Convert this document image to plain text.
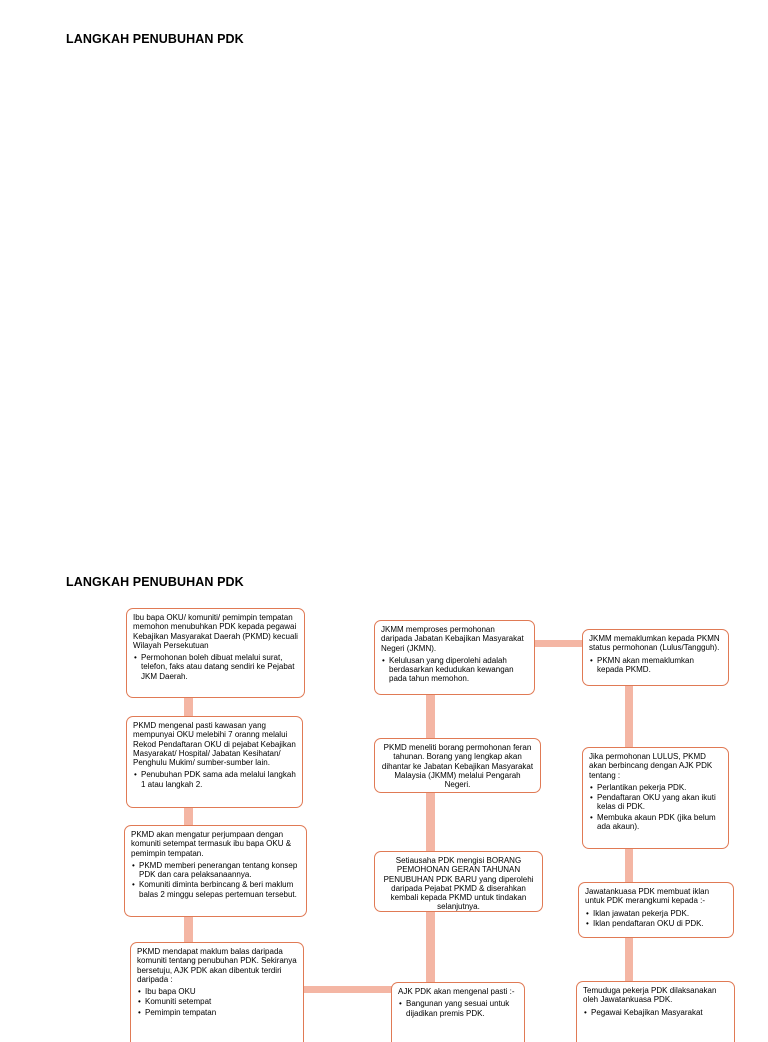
LANGKAH PENUBUHAN PDK
LANGKAH PENUBUHAN PDK

Ibu bapa OKU/ komuniti/ pemimpin tempatan memohon menubuhkan PDK kepada pegawai Kebajikan Masyarakat Daerah (PKMD) kecuali Wilayah Persekutuan

• Permohonan boleh dibuat melalui surat, telefon, faks atau datang sendiri ke Pejabat JKM Daerah.

PKMD mengenal pasti kawasan yang mempunyai OKU melebihi 7 oranng melalui Rekod Pendaftaran OKU di pejabat Kebajikan Masyarakat/ Hospital/ Jabatan Kesihatan/ Penghulu Mukim/ sumber-sumber lain.

• Penubuhan PDK sama ada melalui langkah 1 atau langkah 2.

PKMD akan mengatur perjumpaan dengan komuniti setempat termasuk ibu bapa OKU & pemimpin tempatan.

• PKMD memberi penerangan tentang konsep PDK dan cara pelaksanaannya.
• Komuniti diminta berbincang & beri maklum balas 2 minggu selepas pertemuan tersebut.

PKMD mendapat maklum balas daripada komuniti tentang penubuhan PDK. Sekiranya bersetuju, AJK PDK akan dibentuk terdiri daripada :

• Ibu bapa OKU
• Komuniti setempat
• Pemimpin tempatan

JKMM memproses permohonan daripada Jabatan Kebajikan Masyarakat Negeri (JKMN).

• Kelulusan yang diperolehi adalah berdasarkan kedudukan kewangan pada tahun memohon.

PKMD meneliti borang permohonan feran tahunan. Borang yang lengkap akan dihantar ke Jabatan Kebajikan Masyarakat Malaysia (JKMM) melalui Pengarah Negeri.

Setiausaha PDK mengisi BORANG PEMOHONAN GERAN TAHUNAN PENUBUHAN PDK BARU yang diperolehi daripada Pejabat PKMD & diserahkan kembali kepada PKMD untuk tindakan selanjutnya.

AJK PDK akan mengenal pasti :-

• Bangunan yang sesuai untuk dijadikan premis PDK.

JKMM memaklumkan kepada PKMN status permohonan (Lulus/Tangguh).

• PKMN akan memaklumkan kepada PKMD.

Jika permohonan LULUS, PKMD akan berbincang dengan AJK PDK tentang :

• Perlantikan pekerja PDK.
• Pendaftaran OKU yang akan ikuti kelas di PDK.
• Membuka akaun PDK (jika belum ada akaun).

Jawatankuasa PDK membuat iklan untuk PDK merangkumi kepada :-

• Iklan jawatan pekerja PDK.
• Iklan pendaftaran OKU di PDK.

Temuduga pekerja PDK dilaksanakan oleh Jawatankuasa PDK.

• Pegawai Kebajikan Masyarakat
